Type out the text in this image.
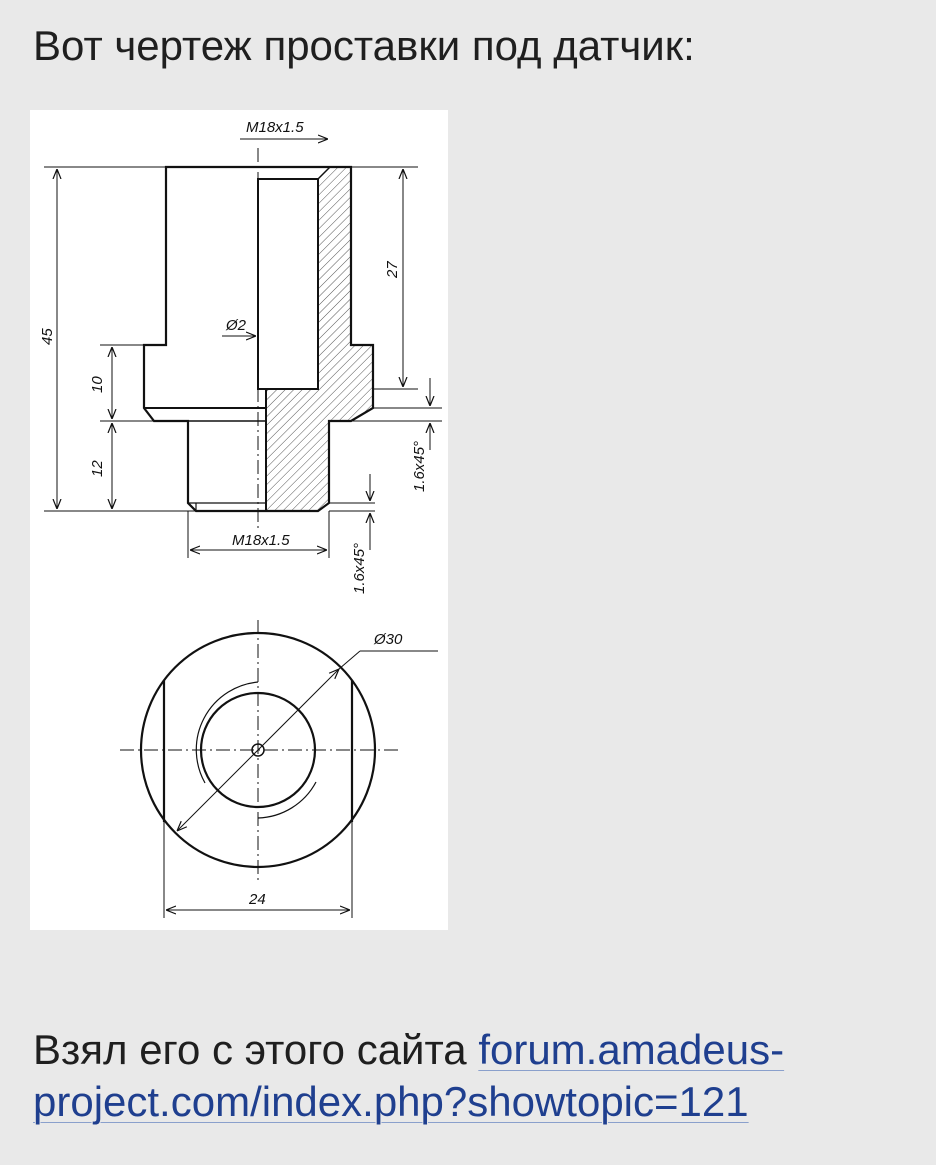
Вот чертеж проставки под датчик:
M18x1.5
Ø2
45
10
12
27
1.6x45°
1.6x45°
M18x1.5
Ø30
24

Взял его с этого сайта forum.amadeus-project.com/index.php?showtopic=121
